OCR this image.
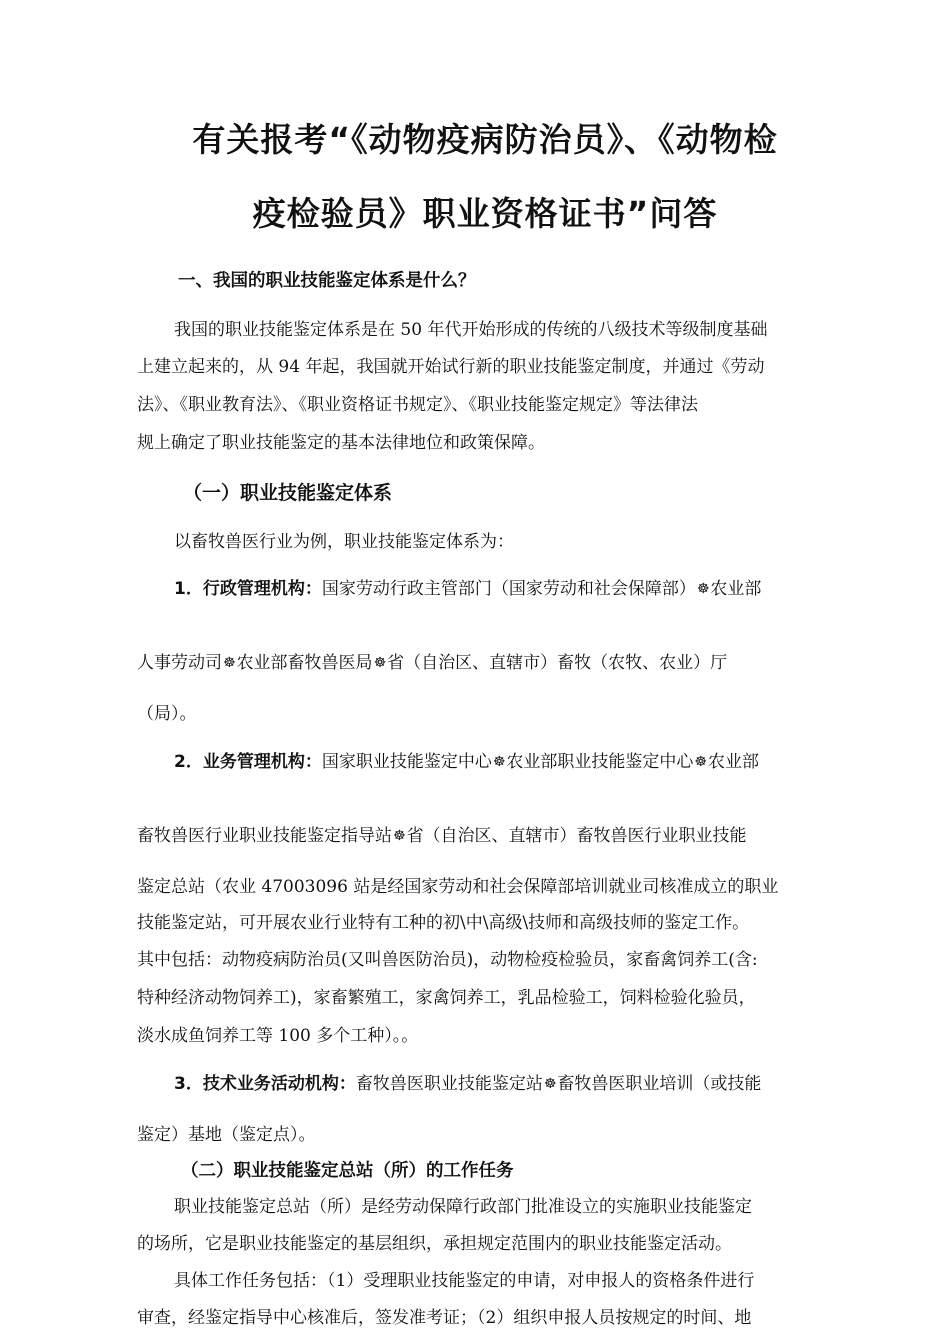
有关报考“《动物疫病防治员》、《动物检
疫检验员》职业资格证书”问答
一、我国的职业技能鉴定体系是什么？
我国的职业技能鉴定体系是在 50 年代开始形成的传统的八级技术等级制度基础
上建立起来的，从 94 年起，我国就开始试行新的职业技能鉴定制度，并通过《劳动
法》、《职业教育法》、《职业资格证书规定》、《职业技能鉴定规定》等法律法
规上确定了职业技能鉴定的基本法律地位和政策保障。
（一）职业技能鉴定体系
以畜牧兽医行业为例，职业技能鉴定体系为：
1．行政管理机构：国家劳动行政主管部门（国家劳动和社会保障部）☸农业部
人事劳动司☸农业部畜牧兽医局☸省（自治区、直辖市）畜牧（农牧、农业）厅
（局）。
2．业务管理机构：国家职业技能鉴定中心☸农业部职业技能鉴定中心☸农业部
畜牧兽医行业职业技能鉴定指导站☸省（自治区、直辖市）畜牧兽医行业职业技能
鉴定总站（农业 47003096 站是经国家劳动和社会保障部培训就业司核准成立的职业
技能鉴定站，可开展农业行业特有工种的初\中\高级\技师和高级技师的鉴定工作。
其中包括：动物疫病防治员(又叫兽医防治员)，动物检疫检验员，家畜禽饲养工(含:
特种经济动物饲养工)，家畜繁殖工，家禽饲养工，乳品检验工，饲料检验化验员，
淡水成鱼饲养工等 100 多个工种）。。
3．技术业务活动机构：畜牧兽医职业技能鉴定站☸畜牧兽医职业培训（或技能
鉴定）基地（鉴定点）。
（二）职业技能鉴定总站（所）的工作任务
职业技能鉴定总站（所）是经劳动保障行政部门批准设立的实施职业技能鉴定
的场所，它是职业技能鉴定的基层组织，承担规定范围内的职业技能鉴定活动。
具体工作任务包括：（1）受理职业技能鉴定的申请，对申报人的资格条件进行
审查，经鉴定指导中心核准后，签发准考证；（2）组织申报人员按规定的时间、地
